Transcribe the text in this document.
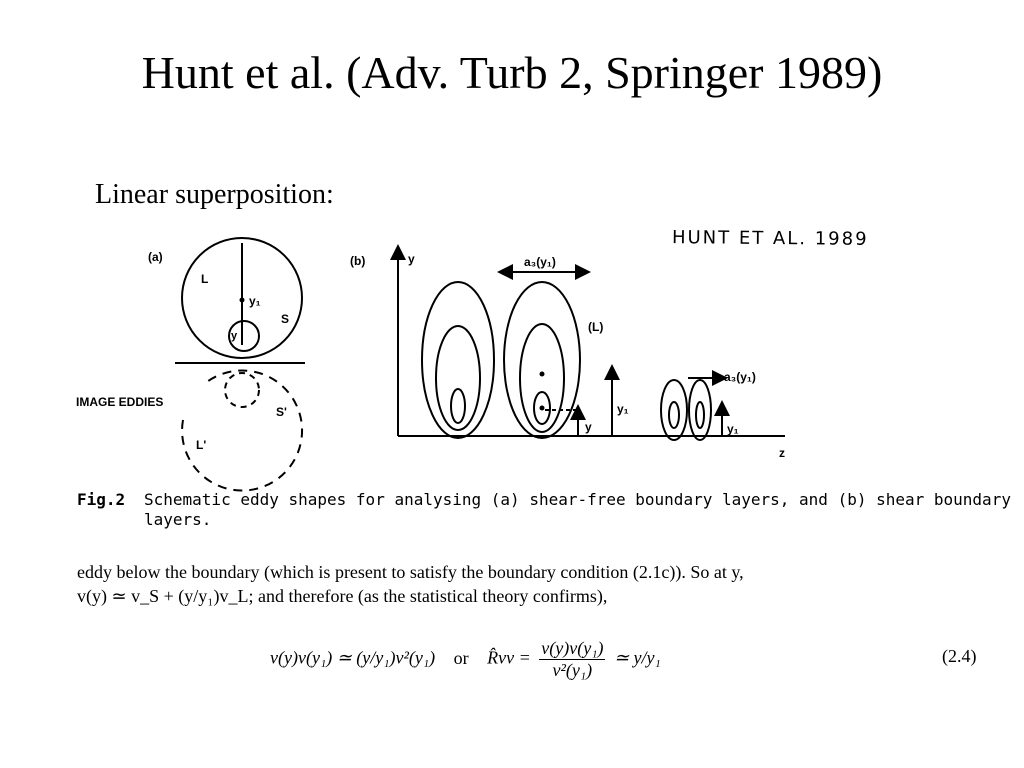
Hunt et al. (Adv. Turb 2, Springer 1989)
Linear superposition:
HUNT ET AL. 1989
(a)
L
y₁
S
y
IMAGE EDDIES
S'
L'
(b)	y
z
a₃(y₁)
(L)
y₁
y
a₃(y₁)
y₁
Fig.2 Schematic eddy shapes for analysing (a) shear-free boundary layers, and (b) shear boundary layers.
eddy below the boundary (which is present to satisfy the boundary condition (2.1c)). So at y,
v(y) ≃ v_S + (y/y₁)v_L; and therefore (as the statistical theory confirms),
v(y)v(y₁) ≃ (y/y₁)v²(y₁) or R̂vv = $\frac{\text{v(y)v(y₁)}}{\text{v²(y₁)}}$ ≃ y/y₁	(2.4)
